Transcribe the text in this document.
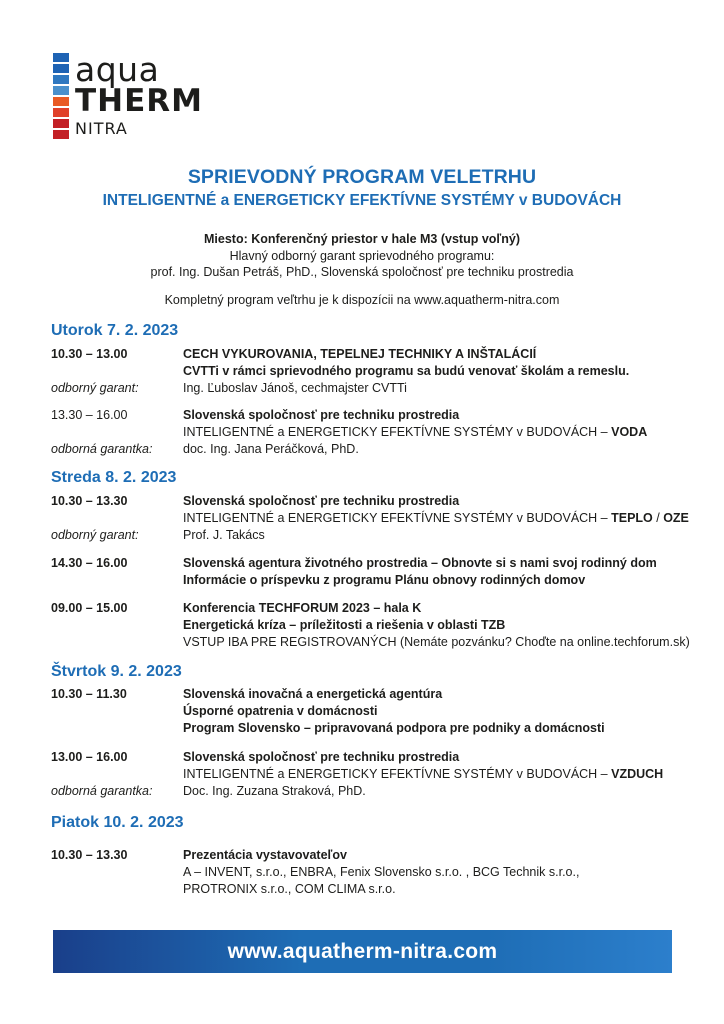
aqua
THERM
NITRA
SPRIEVODNÝ PROGRAM VELETRHU
INTELIGENTNÉ a ENERGETICKY EFEKTÍVNE SYSTÉMY v BUDOVÁCH
Miesto: Konferenčný priestor v hale M3 (vstup voľný)
Hlavný odborný garant sprievodného programu:
prof. Ing. Dušan Petráš, PhD., Slovenská spoločnosť pre techniku prostredia
Kompletný program veľtrhu je k dispozícii na www.aquatherm-nitra.com
Utorok 7. 2. 2023
10.30 – 13.00	CECH VYKUROVANIA, TEPELNEJ TECHNIKY A INŠTALÁCIÍ
CVTTi v rámci sprievodného programu sa budú venovať školám a remeslu.
odborný garant:	Ing. Ľuboslav Jánoš, cechmajster CVTTi
13.30 – 16.00	Slovenská spoločnosť pre techniku prostredia
INTELIGENTNÉ a ENERGETICKY EFEKTÍVNE SYSTÉMY v BUDOVÁCH – VODA
odborná garantka: doc. Ing. Jana Peráčková, PhD.
Streda 8. 2. 2023
10.30 – 13.30	Slovenská spoločnosť pre techniku prostredia
INTELIGENTNÉ a ENERGETICKY EFEKTÍVNE SYSTÉMY v BUDOVÁCH – TEPLO / OZE
odborný garant:	Prof. J. Takács
14.30 – 16.00	Slovenská agentura životného prostredia – Obnovte si s nami svoj rodinný dom
Informácie o príspevku z programu Plánu obnovy rodinných domov
09.00 – 15.00	Konferencia TECHFORUM 2023 – hala K
Energetická kríza – príležitosti a riešenia v oblasti TZB
VSTUP IBA PRE REGISTROVANÝCH (Nemáte pozvánku? Choďte na online.techforum.sk)
Štvrtok 9. 2. 2023
10.30 – 11.30	Slovenská inovačná a energetická agentúra
Úsporné opatrenia v domácnosti
Program Slovensko – pripravovaná podpora pre podniky a domácnosti
13.00 – 16.00	Slovenská spoločnosť pre techniku prostredia
INTELIGENTNÉ a ENERGETICKY EFEKTÍVNE SYSTÉMY v BUDOVÁCH – VZDUCH
odborná garantka: Doc. Ing. Zuzana Straková, PhD.
Piatok 10. 2. 2023
10.30 – 13.30	Prezentácia vystavovateľov
A – INVENT, s.r.o., ENBRA, Fenix Slovensko s.r.o. , BCG Technik s.r.o.,
PROTRONIX s.r.o., COM CLIMA s.r.o.
www.aquatherm-nitra.com
